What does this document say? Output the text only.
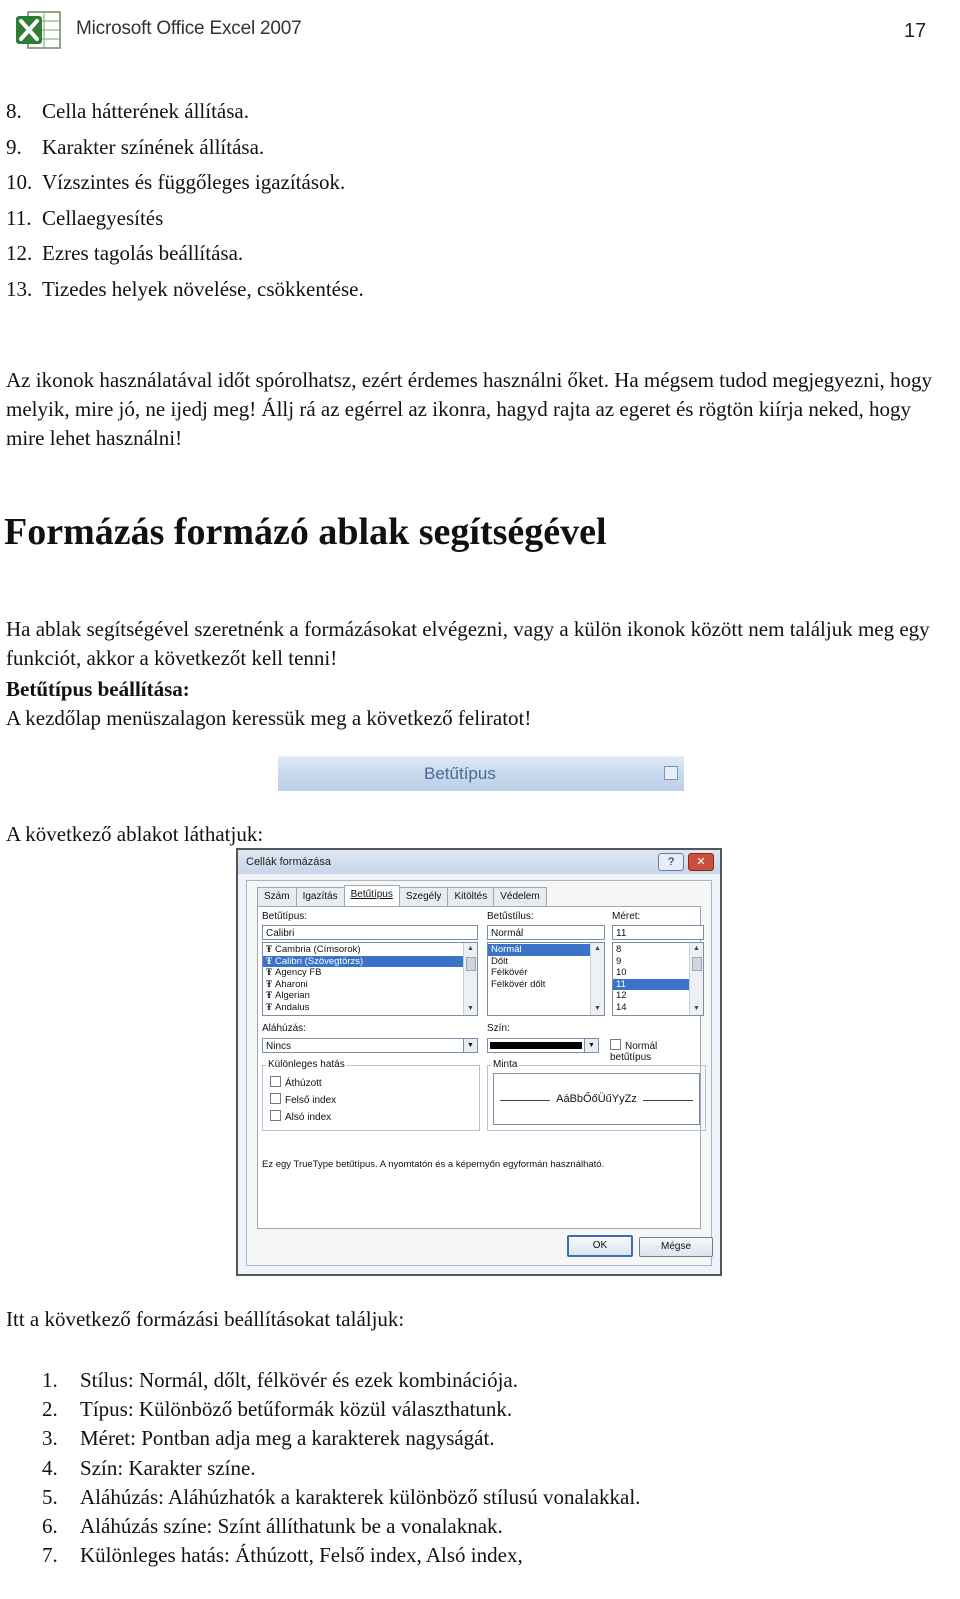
Microsoft Office Excel 2007	17
8. Cella hátterének állítása.
9. Karakter színének állítása.
10. Vízszintes és függőleges igazítások.
11. Cellaegyesítés
12. Ezres tagolás beállítása.
13. Tizedes helyek növelése, csökkentése.
Az ikonok használatával időt spórolhatsz, ezért érdemes használni őket. Ha mégsem tudod megjegyezni, hogy melyik, mire jó, ne ijedj meg! Állj rá az egérrel az ikonra, hagyd rajta az egeret és rögtön kiírja neked, hogy mire lehet használni!
Formázás formázó ablak segítségével
Ha ablak segítségével szeretnénk a formázásokat elvégezni, vagy a külön ikonok között nem találjuk meg egy funkciót, akkor a következőt kell tenni!
Betűtípus beállítása:
A kezdőlap menüszalagon keressük meg a következő feliratot!
Betűtípus
A következő ablakot láthatjuk:
Cellák formázása	?	✕
Szám	Igazítás	Betűtípus	Szegély	Kitöltés	Védelem
Betűtípus:
Calibri
Ŧ Cambria (Címsorok)
Ŧ Calibri (Szövegtörzs)
Ŧ Agency FB
Ŧ Aharoni
Ŧ Algerian
Ŧ Andalus
▲
▼
Betűstílus:
Normál
Normál
Dőlt
Félkövér
Félkövér dőlt
▲
▼
Méret:
11
8
9
10
11
12
14
▲
▼
Aláhúzás:
Nincs	▼
Szín:
▼	Normál betűtípus
Különleges hatás
Áthúzott
Felső index
Alsó index
Minta
AáBbŐőÜűYyZz
Ez egy TrueType betűtípus. A nyomtatón és a képernyőn egyformán használható.
OK	Mégse
Itt a következő formázási beállításokat találjuk:
1. Stílus: Normál, dőlt, félkövér és ezek kombinációja.
2. Típus: Különböző betűformák közül választhatunk.
3. Méret: Pontban adja meg a karakterek nagyságát.
4. Szín: Karakter színe.
5. Aláhúzás: Aláhúzhatók a karakterek különböző stílusú vonalakkal.
6. Aláhúzás színe: Színt állíthatunk be a vonalaknak.
7. Különleges hatás: Áthúzott, Felső index, Alsó index,
